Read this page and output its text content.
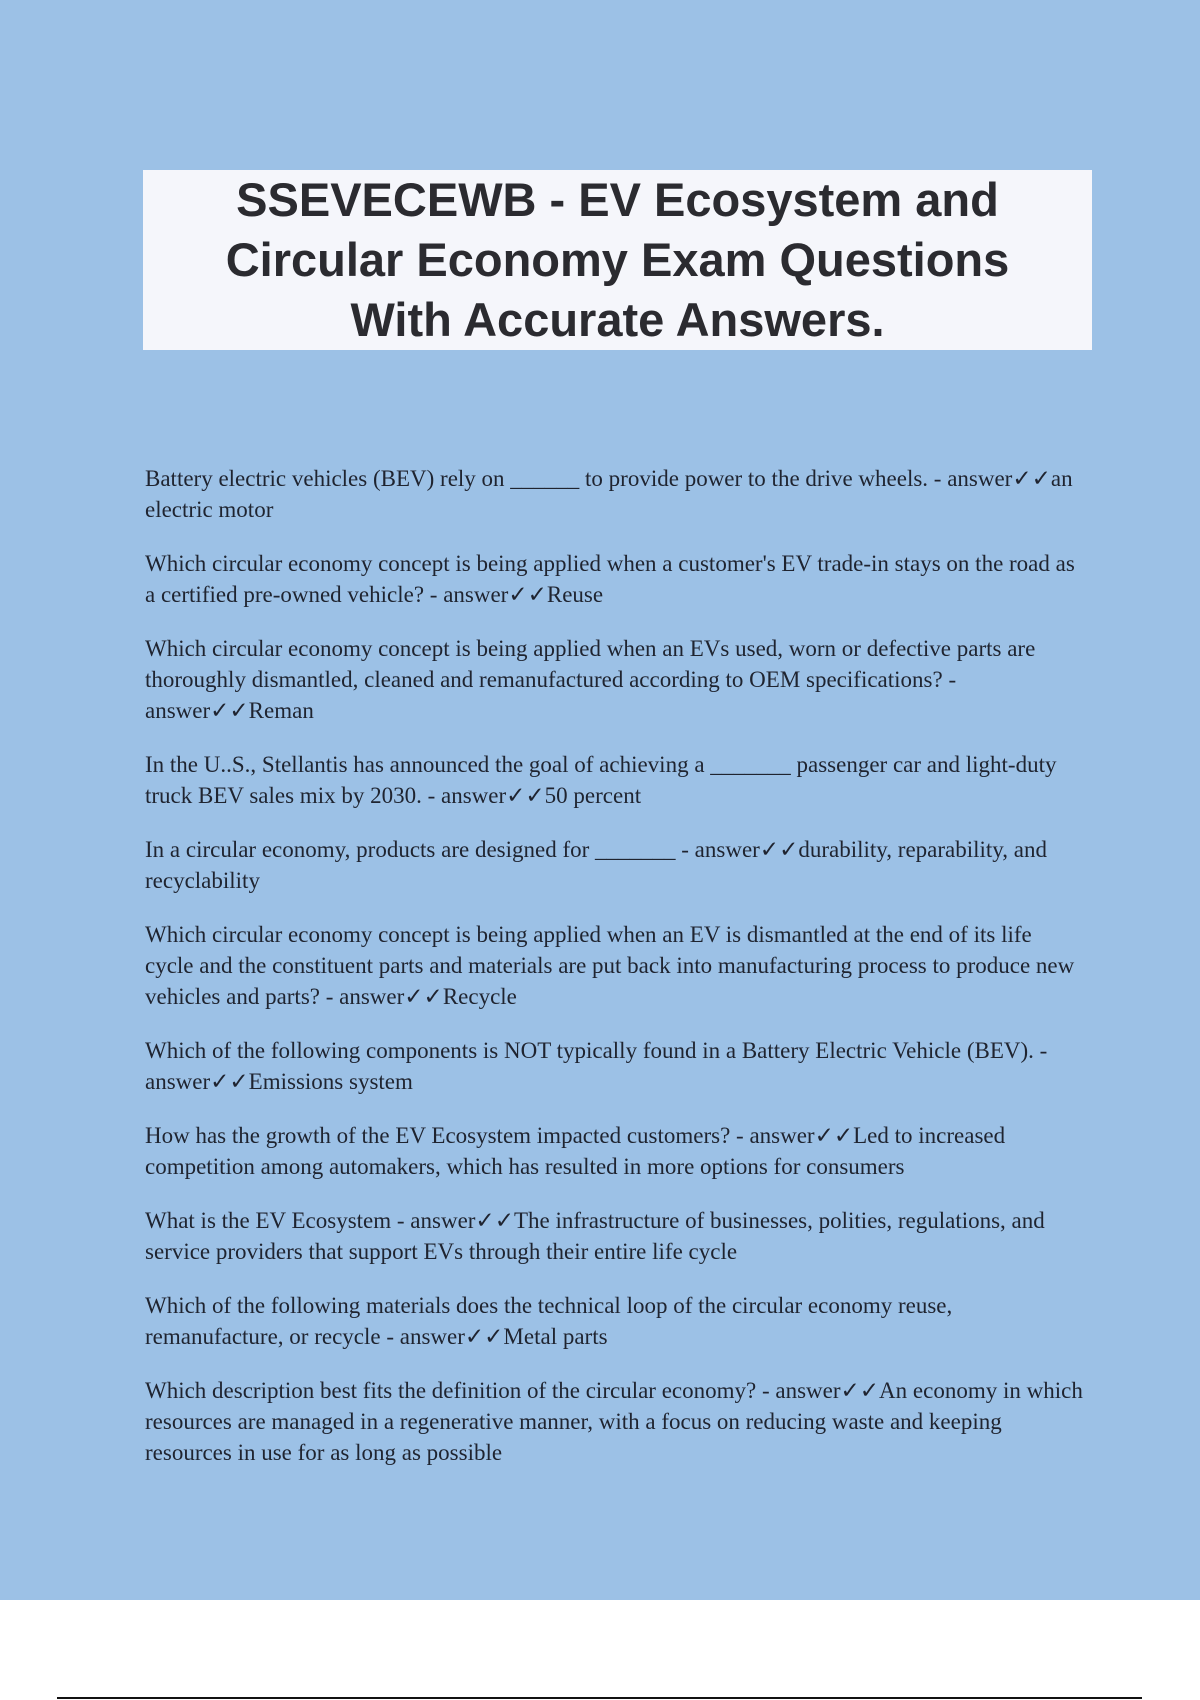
SSEVECEWB - EV Ecosystem and
Circular Economy Exam Questions
With Accurate Answers.

Battery electric vehicles (BEV) rely on ______ to provide power to the drive wheels. - answer✓✓an electric motor

Which circular economy concept is being applied when a customer's EV trade-in stays on the road as a certified pre-owned vehicle? - answer✓✓Reuse

Which circular economy concept is being applied when an EVs used, worn or defective parts are thoroughly dismantled, cleaned and remanufactured according to OEM specifications? - answer✓✓Reman

In the U..S., Stellantis has announced the goal of achieving a _______ passenger car and light-duty truck BEV sales mix by 2030. - answer✓✓50 percent

In a circular economy, products are designed for _______ - answer✓✓durability, reparability, and recyclability

Which circular economy concept is being applied when an EV is dismantled at the end of its life cycle and the constituent parts and materials are put back into manufacturing process to produce new vehicles and parts? - answer✓✓Recycle

Which of the following components is NOT typically found in a Battery Electric Vehicle (BEV). - answer✓✓Emissions system

How has the growth of the EV Ecosystem impacted customers? - answer✓✓Led to increased competition among automakers, which has resulted in more options for consumers

What is the EV Ecosystem - answer✓✓The infrastructure of businesses, polities, regulations, and service providers that support EVs through their entire life cycle

Which of the following materials does the technical loop of the circular economy reuse, remanufacture, or recycle - answer✓✓Metal parts

Which description best fits the definition of the circular economy? - answer✓✓An economy in which resources are managed in a regenerative manner, with a focus on reducing waste and keeping resources in use for as long as possible
